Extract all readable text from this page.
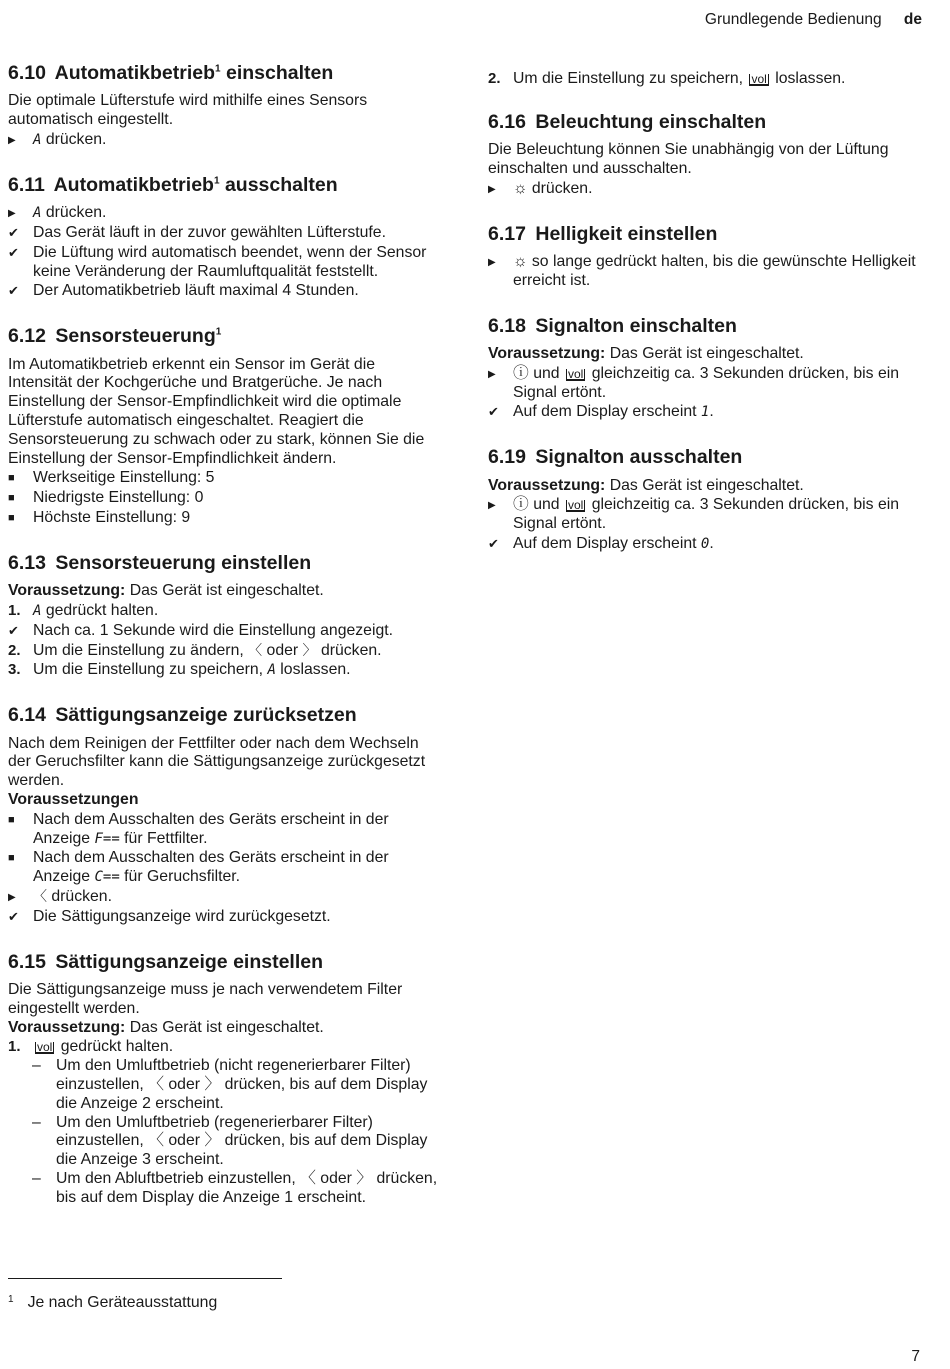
Grundlegende Bedienung de
6.10 Automatikbetrieb$^1$ einschalten

Die optimale Lüfterstufe wird mithilfe eines Sensors automatisch eingestellt.

▶	A drücken.
6.11 Automatikbetrieb$^1$ ausschalten
▶	A drücken.
✔ Das Gerät läuft in der zuvor gewählten Lüfterstufe.
✔ Die Lüftung wird automatisch beendet, wenn der Sensor keine Veränderung der Raumluftqualität feststellt.
✔ Der Automatikbetrieb läuft maximal 4 Stunden.
6.12 Sensorsteuerung$^1$

Im Automatikbetrieb erkennt ein Sensor im Gerät die Intensität der Kochgerüche und Bratgerüche. Je nach Einstellung der Sensor-Empfindlichkeit wird die optimale Lüfterstufe automatisch eingeschaltet. Reagiert die Sensorsteuerung zu schwach oder zu stark, können Sie die Einstellung der Sensor-Empfindlichkeit ändern.

■	Werkseitige Einstellung: 5
■	Niedrigste Einstellung: 0
■	Höchste Einstellung: 9
6.13 Sensorsteuerung einstellen

Voraussetzung: Das Gerät ist eingeschaltet.

1. A gedrückt halten.
✔ Nach ca. 1 Sekunde wird die Einstellung angezeigt.
2. Um die Einstellung zu ändern, 〈 oder 〉 drücken.
3. Um die Einstellung zu speichern, A loslassen.
6.14 Sättigungsanzeige zurücksetzen

Nach dem Reinigen der Fettfilter oder nach dem Wechseln der Geruchsfilter kann die Sättigungsanzeige zurückgesetzt werden.

Voraussetzungen

■	Nach dem Ausschalten des Geräts erscheint in der Anzeige F== für Fettfilter.
■	Nach dem Ausschalten des Geräts erscheint in der Anzeige C== für Geruchsfilter.
▶	〈 drücken.
✔ Die Sättigungsanzeige wird zurückgesetzt.
6.15 Sättigungsanzeige einstellen

Die Sättigungsanzeige muss je nach verwendetem Filter eingestellt werden.

Voraussetzung: Das Gerät ist eingeschaltet.

1.	vol gedrückt halten.
– Um den Umluftbetrieb (nicht regenerierbarer Filter) einzustellen, 〈 oder 〉 drücken, bis auf dem Display die Anzeige 2 erscheint.
– Um den Umluftbetrieb (regenerierbarer Filter) einzustellen, 〈 oder 〉 drücken, bis auf dem Display die Anzeige 3 erscheint.
– Um den Abluftbetrieb einzustellen, 〈 oder 〉 drücken, bis auf dem Display die Anzeige 1 erscheint.
2. Um die Einstellung zu speichern, vol loslassen.
6.16 Beleuchtung einschalten

Die Beleuchtung können Sie unabhängig von der Lüftung einschalten und ausschalten.

▶	☼ drücken.
6.17 Helligkeit einstellen
▶	☼ so lange gedrückt halten, bis die gewünschte Helligkeit erreicht ist.
6.18 Signalton einschalten

Voraussetzung: Das Gerät ist eingeschaltet.

▶	ⓘ und vol gleichzeitig ca. 3 Sekunden drücken, bis ein Signal ertönt.
✔ Auf dem Display erscheint 1.
6.19 Signalton ausschalten

Voraussetzung: Das Gerät ist eingeschaltet.

▶	ⓘ und vol gleichzeitig ca. 3 Sekunden drücken, bis ein Signal ertönt.
✔ Auf dem Display erscheint 0.
$^1$ Je nach Geräteausstattung
7
